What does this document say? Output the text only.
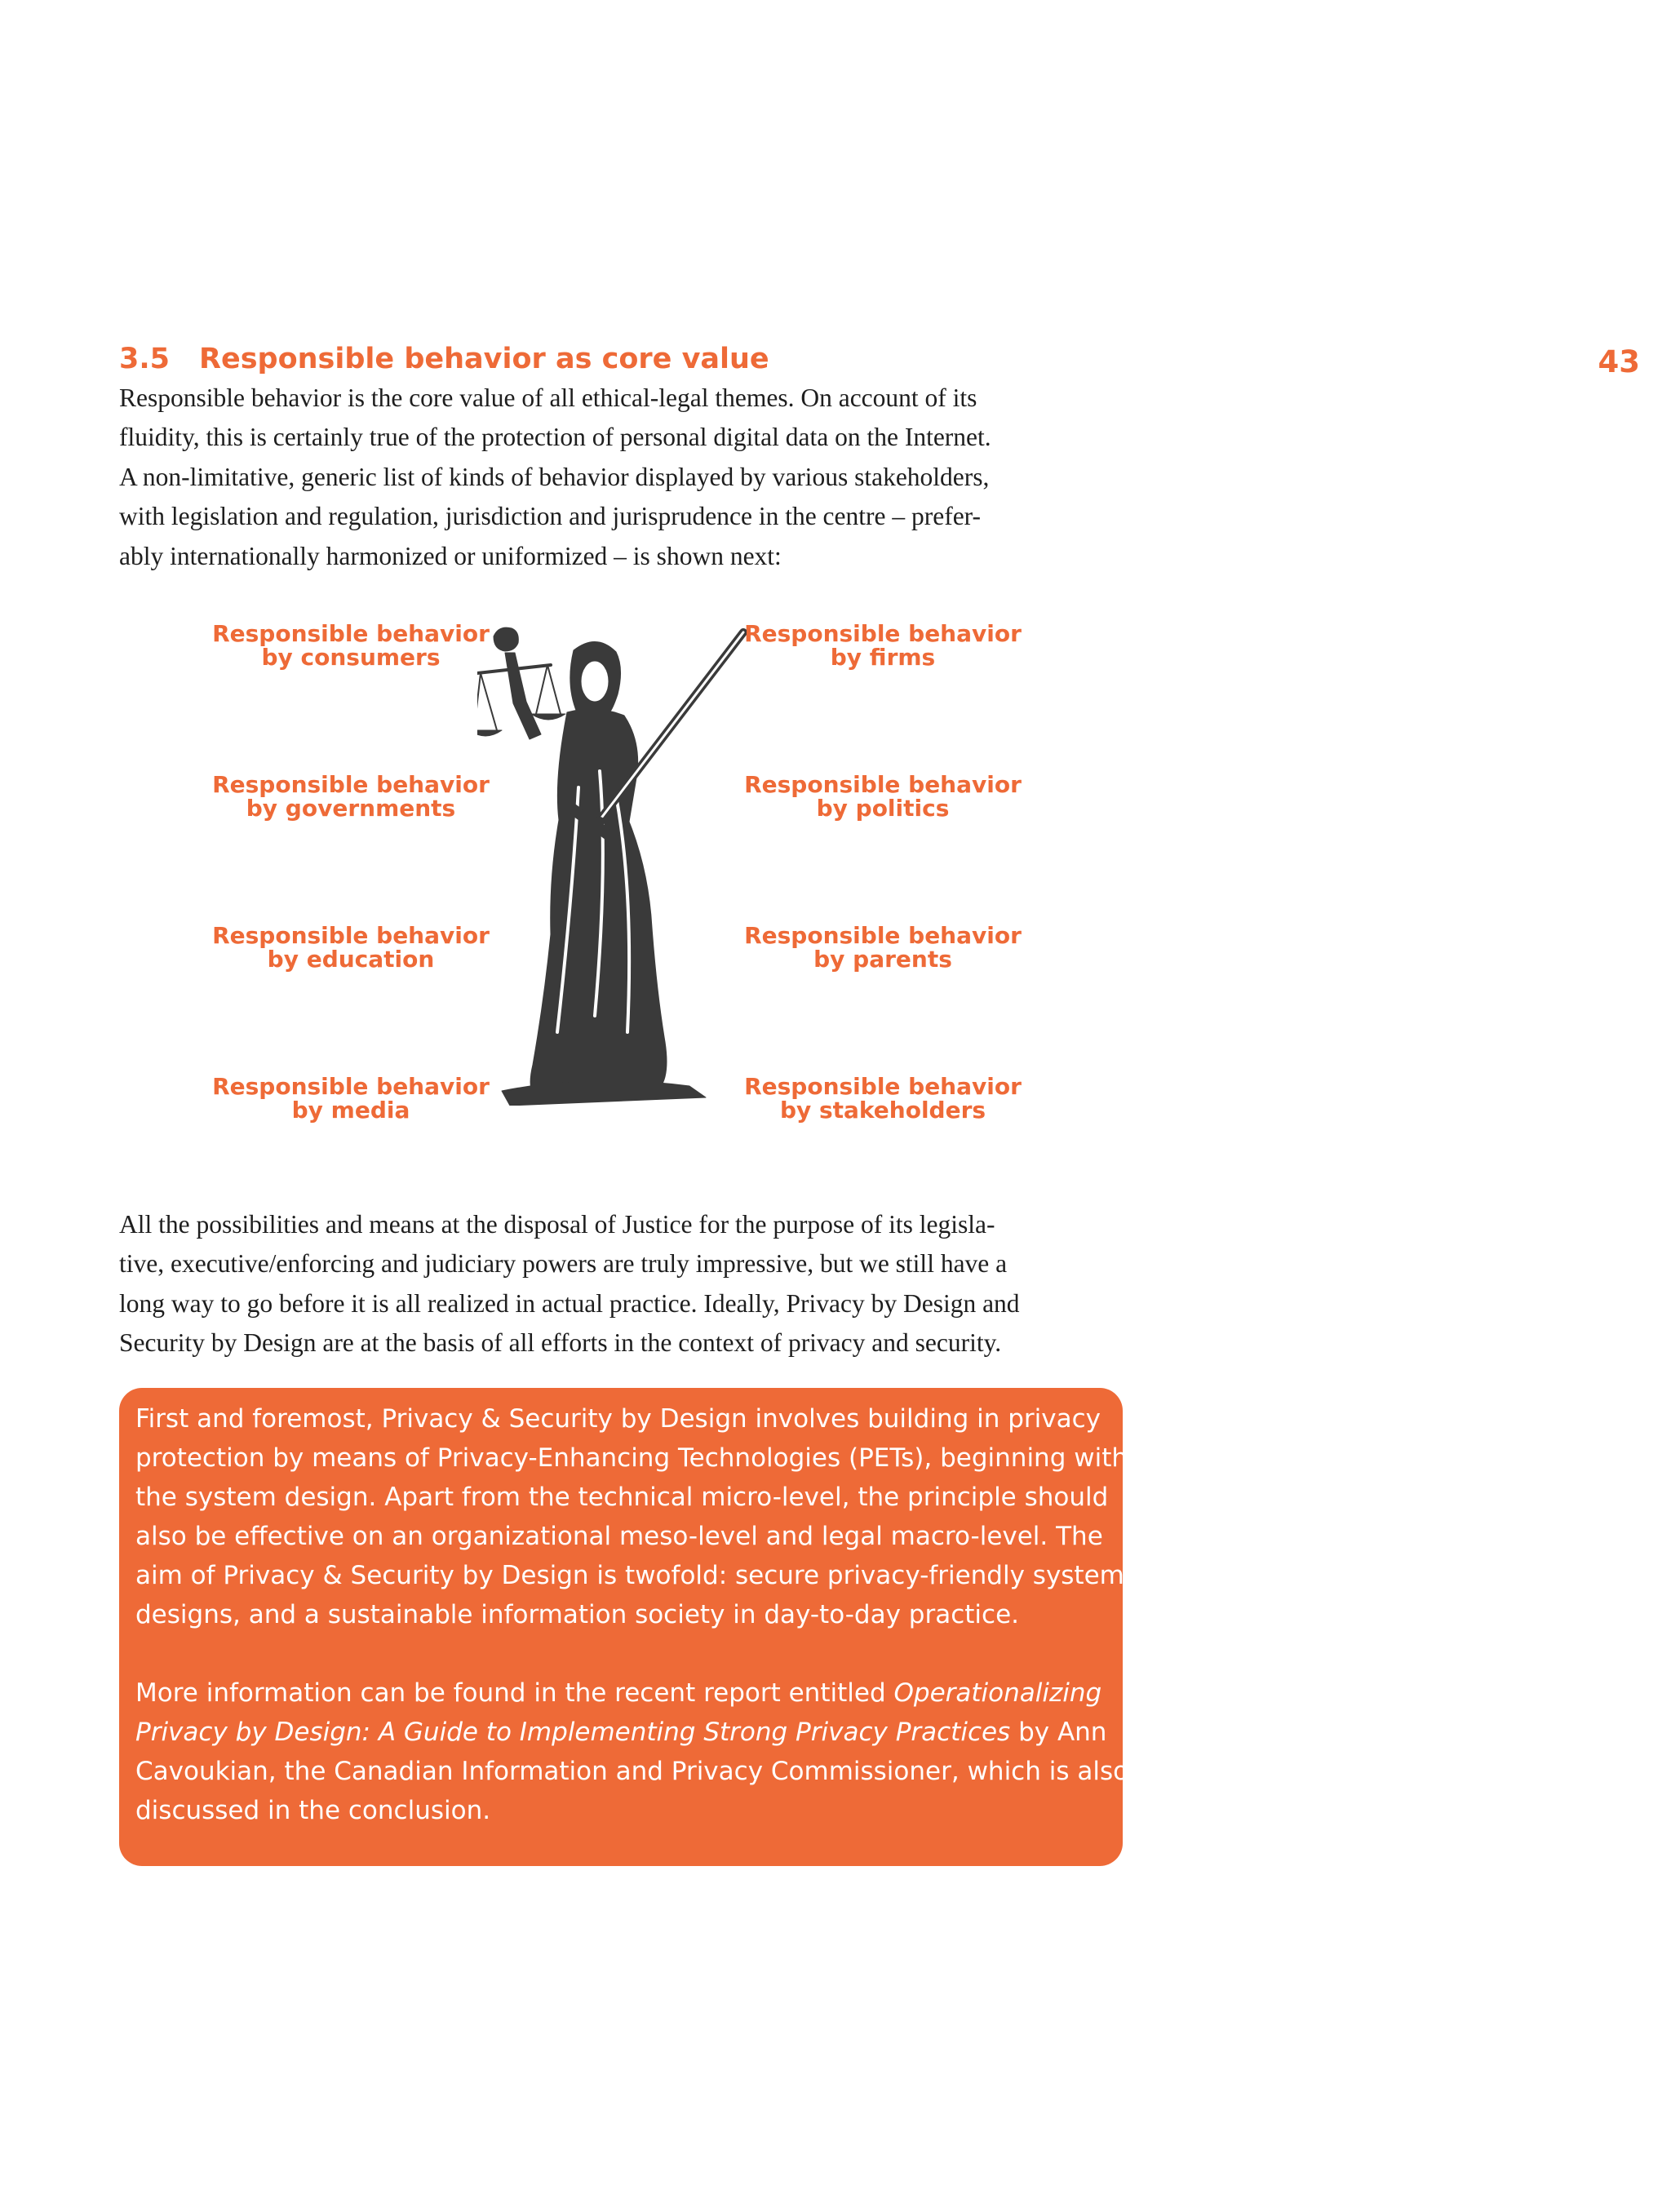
43
3.5 Responsible behavior as core value

Responsible behavior is the core value of all ethical-legal themes. On account of its
fluidity, this is certainly true of the protection of personal digital data on the Internet.
A non-limitative, generic list of kinds of behavior displayed by various stakeholders,
with legislation and regulation, jurisdiction and jurisprudence in the centre – prefer-
ably internationally harmonized or uniformized – is shown next:

Responsible behavior
by consumers
Responsible behavior
by governments
Responsible behavior
by education
Responsible behavior
by media
Responsible behavior
by firms
Responsible behavior
by politics
Responsible behavior
by parents
Responsible behavior
by stakeholders

All the possibilities and means at the disposal of Justice for the purpose of its legisla-
tive, executive/enforcing and judiciary powers are truly impressive, but we still have a
long way to go before it is all realized in actual practice. Ideally, Privacy by Design and
Security by Design are at the basis of all efforts in the context of privacy and security.

First and foremost, Privacy & Security by Design involves building in privacy
protection by means of Privacy-Enhancing Technologies (PETs), beginning with
the system design. Apart from the technical micro-level, the principle should
also be effective on an organizational meso-level and legal macro-level. The
aim of Privacy & Security by Design is twofold: secure privacy-friendly system
designs, and a sustainable information society in day-to-day practice.
More information can be found in the recent report entitled Operationalizing
Privacy by Design: A Guide to Implementing Strong Privacy Practices by Ann
Cavoukian, the Canadian Information and Privacy Commissioner, which is also
discussed in the conclusion.
